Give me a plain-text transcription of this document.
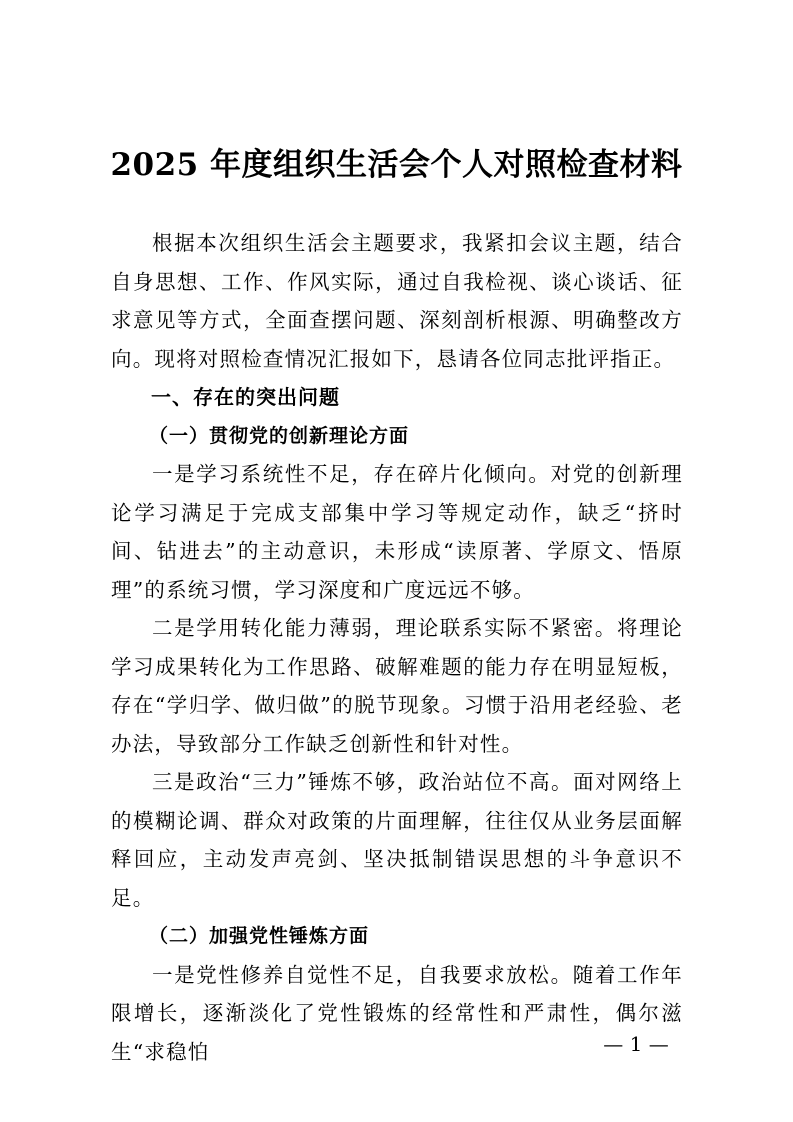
2025 年度组织生活会个人对照检查材料

根据本次组织生活会主题要求，我紧扣会议主题，结合自身思想、工作、作风实际，通过自我检视、谈心谈话、征求意见等方式，全面查摆问题、深刻剖析根源、明确整改方向。现将对照检查情况汇报如下，恳请各位同志批评指正。

一、存在的突出问题

（一）贯彻党的创新理论方面

一是学习系统性不足，存在碎片化倾向。对党的创新理论学习满足于完成支部集中学习等规定动作，缺乏“挤时间、钻进去”的主动意识，未形成“读原著、学原文、悟原理”的系统习惯，学习深度和广度远远不够。

二是学用转化能力薄弱，理论联系实际不紧密。将理论学习成果转化为工作思路、破解难题的能力存在明显短板，存在“学归学、做归做”的脱节现象。习惯于沿用老经验、老办法，导致部分工作缺乏创新性和针对性。

三是政治“三力”锤炼不够，政治站位不高。面对网络上的模糊论调、群众对政策的片面理解，往往仅从业务层面解释回应，主动发声亮剑、坚决抵制错误思想的斗争意识不足。

（二）加强党性锤炼方面

一是党性修养自觉性不足，自我要求放松。随着工作年限增长，逐渐淡化了党性锻炼的经常性和严肃性，偶尔滋生“求稳怕	— 1 —
